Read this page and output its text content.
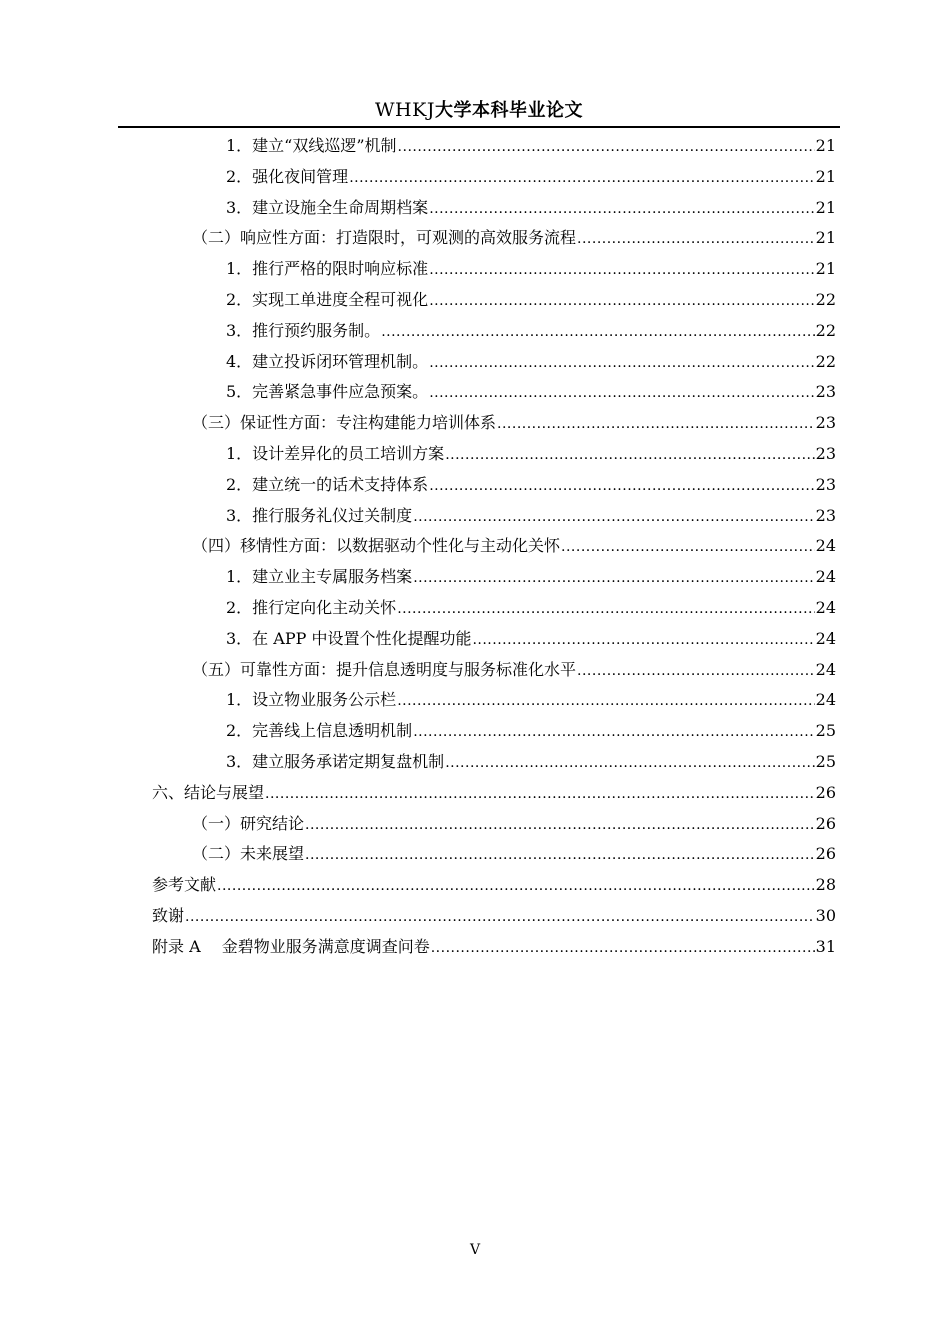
WHKJ大学本科毕业论文
1．建立“双线巡逻”机制 .....	21
2．强化夜间管理 .....	21
3．建立设施全生命周期档案 .....	21
（二）响应性方面：打造限时，可观测的高效服务流程 .....	21
1．推行严格的限时响应标准 .....	21
2．实现工单进度全程可视化 .....	22
3．推行预约服务制。 .....	22
4．建立投诉闭环管理机制。 .....	22
5．完善紧急事件应急预案。 .....	23
（三）保证性方面：专注构建能力培训体系 .....	23
1．设计差异化的员工培训方案 .....	23
2．建立统一的话术支持体系 .....	23
3．推行服务礼仪过关制度 .....	23
（四）移情性方面：以数据驱动个性化与主动化关怀 .....	24
1．建立业主专属服务档案 .....	24
2．推行定向化主动关怀 .....	24
3．在 APP 中设置个性化提醒功能 .....	24
（五）可靠性方面：提升信息透明度与服务标准化水平 .....	24
1．设立物业服务公示栏 .....	24
2．完善线上信息透明机制 .....	25
3．建立服务承诺定期复盘机制 .....	25
六、结论与展望 .....	26
（一）研究结论 .....	26
（二）未来展望 .....	26
参考文献 .....	28
致谢 .....	30
附录 A　 金碧物业服务满意度调查问卷 .....	31
V
